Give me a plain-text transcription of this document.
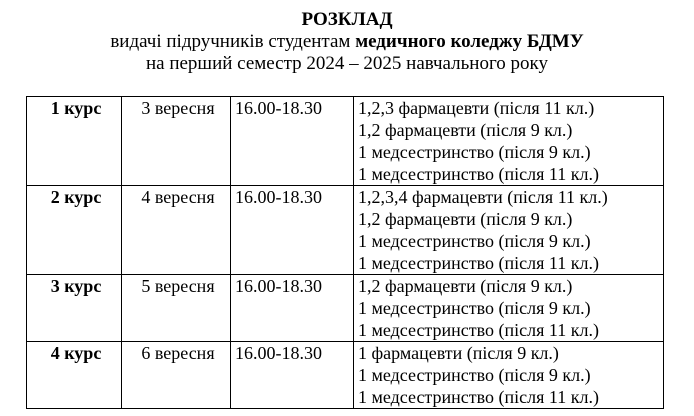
РОЗКЛАД

видачі підручників студентам медичного коледжу БДМУ

на перший семестр 2024 – 2025 навчального року

1 курс	3 вересня	16.00-18.30	1,2,3 фармацевти (після 11 кл.)
1,2 фармацевти (після 9 кл.)
1 медсестринство (після 9 кл.)
1 медсестринство (після 11 кл.)

2 курс	4 вересня	16.00-18.30	1,2,3,4 фармацевти (після 11 кл.)
1,2 фармацевти (після 9 кл.)
1 медсестринство (після 9 кл.)
1 медсестринство (після 11 кл.)

3 курс	5 вересня	16.00-18.30	1,2 фармацевти (після 9 кл.)
1 медсестринство (після 9 кл.)
1 медсестринство (після 11 кл.)

4 курс	6 вересня	16.00-18.30	1 фармацевти (після 9 кл.)
1 медсестринство (після 9 кл.)
1 медсестринство (після 11 кл.)
